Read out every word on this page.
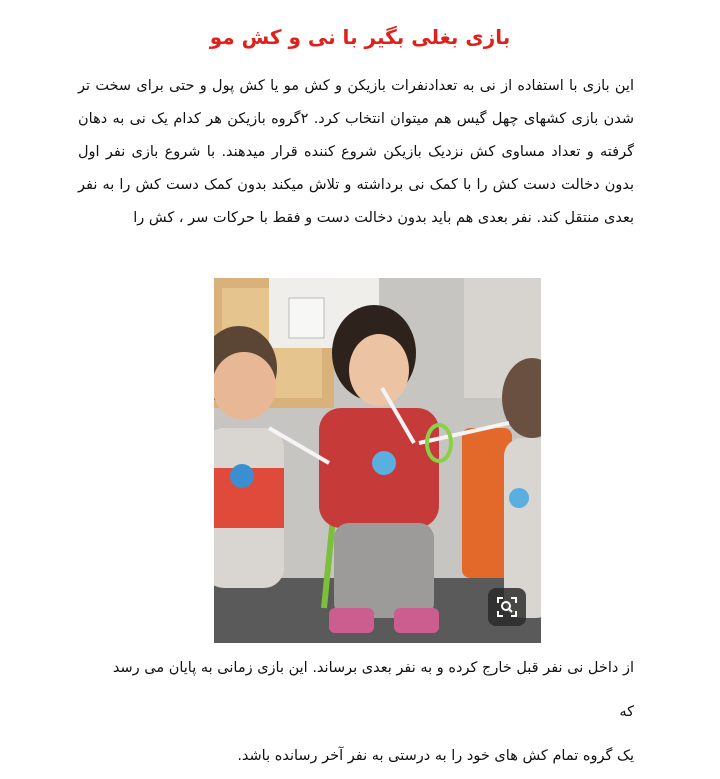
بازی بغلی بگیر با نی و کش مو

این بازی با استفاده از نی به تعدادنفرات بازیکن و کش مو یا کش پول و حتی برای سخت تر شدن بازی کشهای چهل گیس هم میتوان انتخاب کرد. ۲گروه بازیکن هر کدام یک نی به دهان گرفته و تعداد مساوی کش نزدیک بازیکن شروع کننده قرار میدهند. با شروع بازی نفر اول بدون دخالت دست کش را با کمک نی برداشته و تلاش میکند بدون کمک دست کش را به نفر بعدی منتقل کند. نفر بعدی هم باید بدون دخالت دست و فقط با حرکات سر ، کش را

از داخل نی نفر قبل خارج کرده و به نفر بعدی برساند. این بازی زمانی به پایان می رسد که
یک گروه تمام کش های خود را به درستی به نفر آخر رسانده باشد.
